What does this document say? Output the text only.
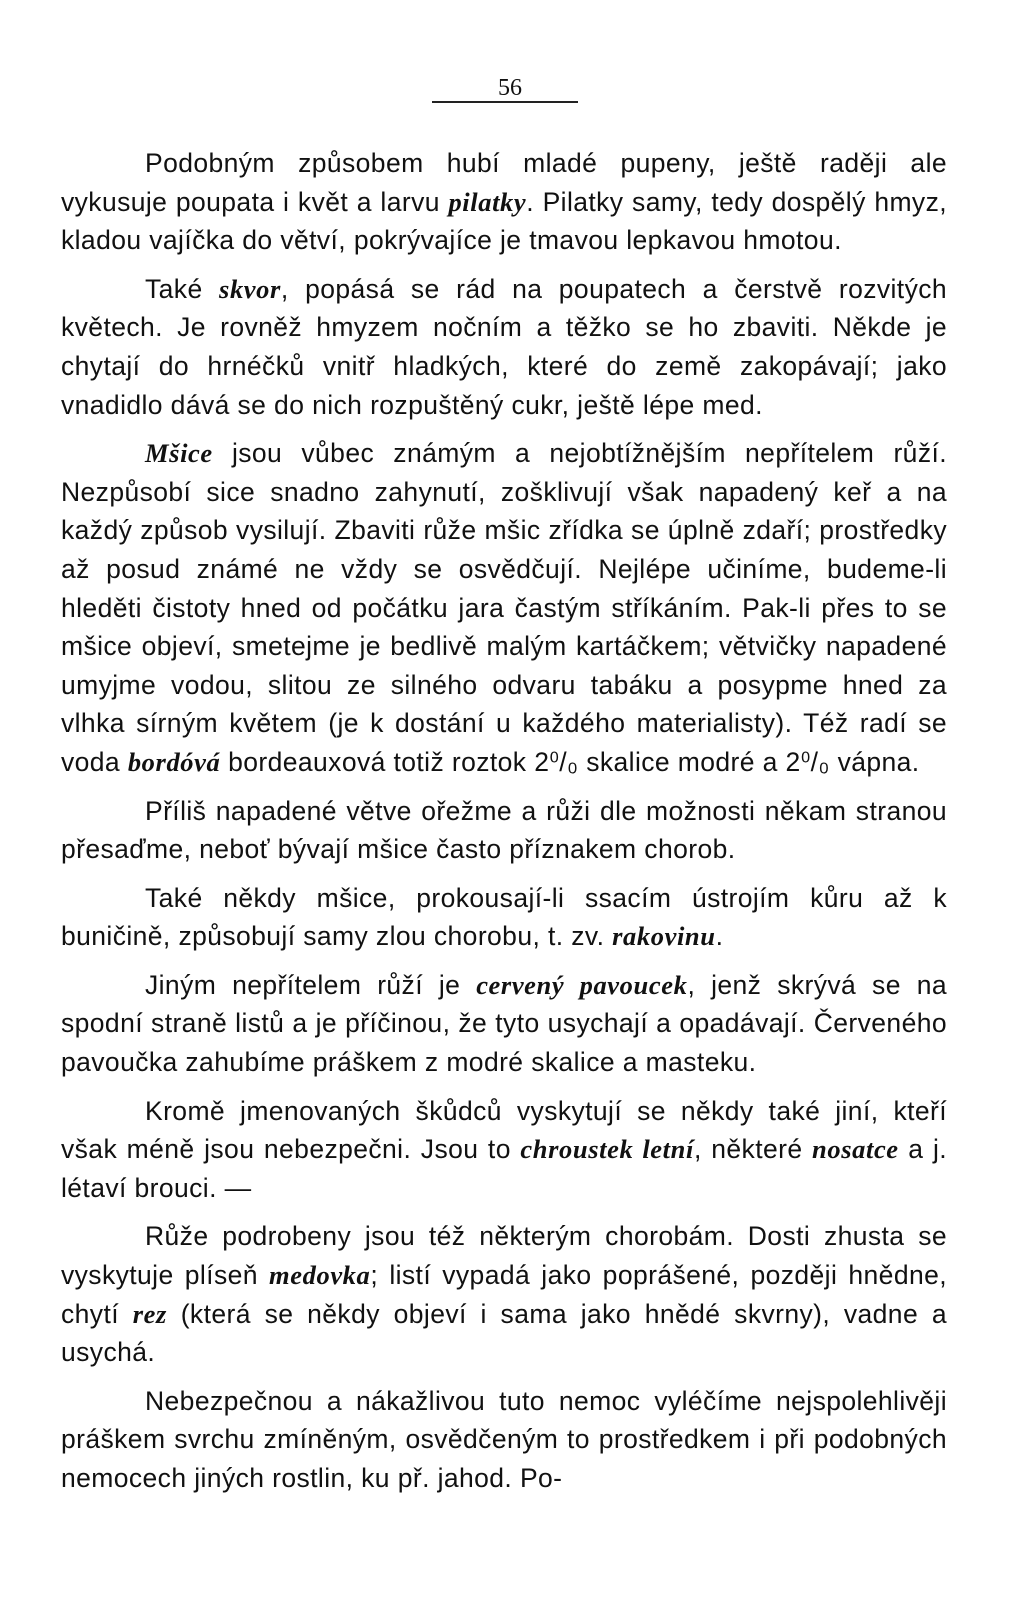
56

Podobným způsobem hubí mladé pupeny, ještě raději ale vykusuje poupata i květ a larvu pilatky. Pilatky samy, tedy dospělý hmyz, kladou vajíčka do větví, pokrývajíce je tmavou lepkavou hmotou.

Také skvor, popásá se rád na poupatech a čerstvě rozvitých květech. Je rovněž hmyzem nočním a těžko se ho zbaviti. Někde je chytají do hrnéčků vnitř hladkých, které do země zakopávají; jako vnadidlo dává se do nich rozpuštěný cukr, ještě lépe med.

Mšice jsou vůbec známým a nejobtížnějším nepřítelem růží. Nezpůsobí sice snadno zahynutí, zošklivují však napadený keř a na každý způsob vysilují. Zbaviti růže mšic zřídka se úplně zdaří; prostředky až posud známé ne vždy se osvědčují. Nejlépe učiníme, budeme-li hleděti čistoty hned od počátku jara častým stříkáním. Pak-li přes to se mšice objeví, smetejme je bedlivě malým kartáčkem; větvičky napadené umyjme vodou, slitou ze silného odvaru tabáku a posypme hned za vlhka sírným květem (je k dostání u každého materialisty). Též radí se voda bordóvá bordeauxová totiž roztok 2⁰/₀ skalice modré a 2⁰/₀ vápna.

Příliš napadené větve ořežme a růži dle možnosti někam stranou přesaďme, neboť bývají mšice často příznakem chorob.

Také někdy mšice, prokousají-li ssacím ústrojím kůru až k buničině, způsobují samy zlou chorobu, t. zv. rakovinu.

Jiným nepřítelem růží je cervený pavoucek, jenž skrývá se na spodní straně listů a je příčinou, že tyto usychají a opadávají. Červeného pavoučka zahubíme práškem z modré skalice a masteku.

Kromě jmenovaných škůdců vyskytují se někdy také jiní, kteří však méně jsou nebezpečni. Jsou to chroustek letní, některé nosatce a j. létaví brouci. —

Růže podrobeny jsou též některým chorobám. Dosti zhusta se vyskytuje plíseň medovka; listí vypadá jako poprášené, později hnědne, chytí rez (která se někdy objeví i sama jako hnědé skvrny), vadne a usychá.

Nebezpečnou a nákažlivou tuto nemoc vyléčíme nejspolehlivěji práškem svrchu zmíněným, osvědčeným to prostředkem i při podobných nemocech jiných rostlin, ku př. jahod. Po-
